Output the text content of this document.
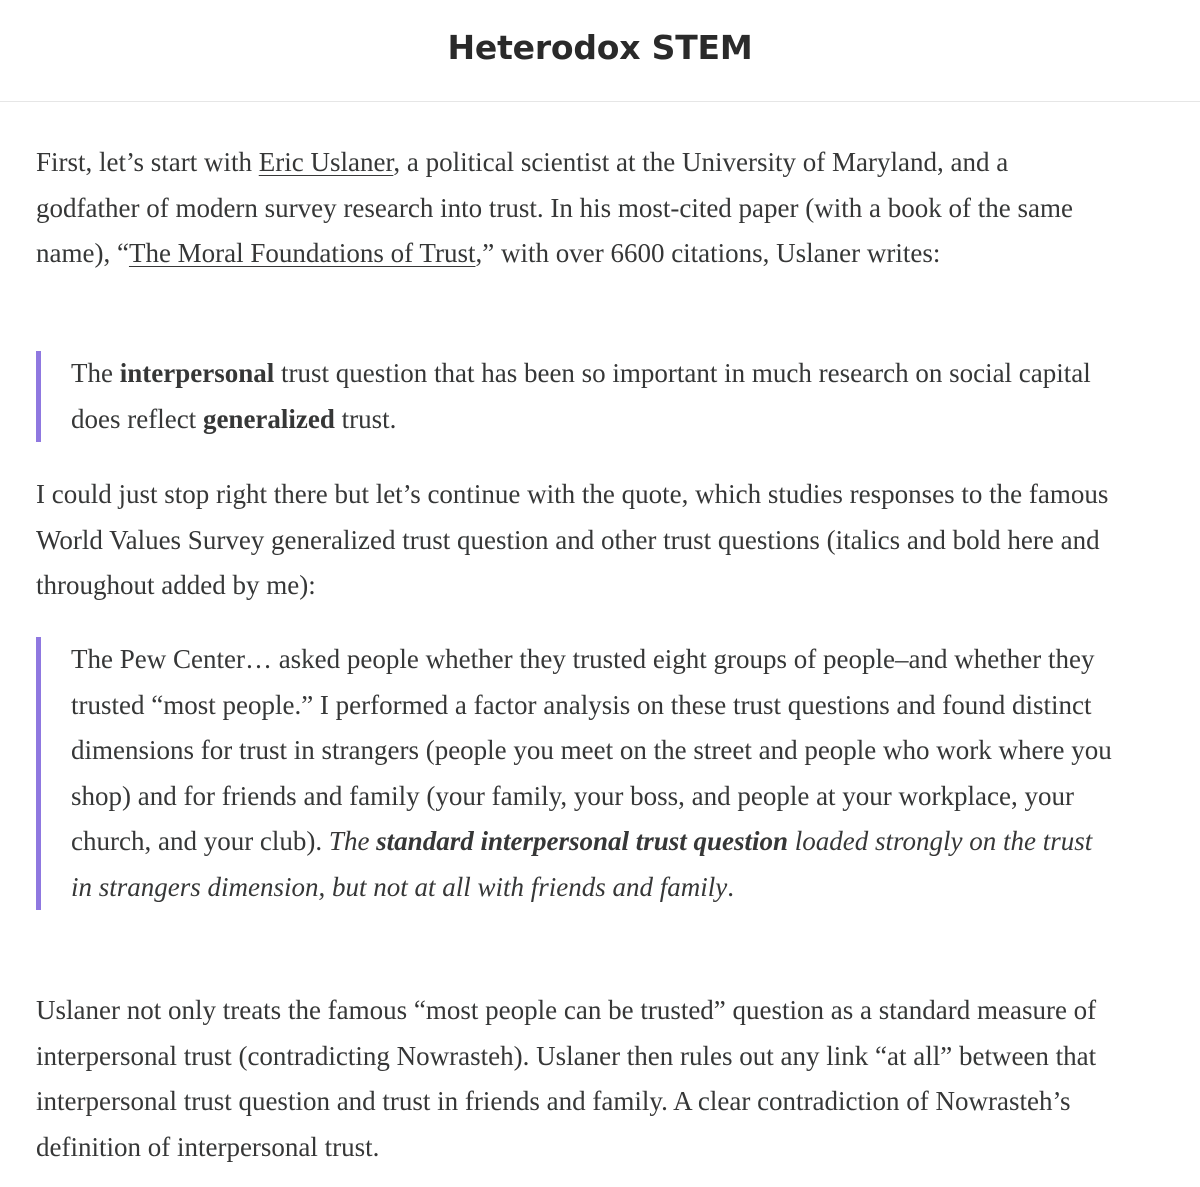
Heterodox STEM

First, let’s start with Eric Uslaner, a political scientist at the University of Maryland, and a godfather of modern survey research into trust. In his most-cited paper (with a book of the same name), “The Moral Foundations of Trust,” with over 6600 citations, Uslaner writes:

The interpersonal trust question that has been so important in much research on social capital does reflect generalized trust.

I could just stop right there but let’s continue with the quote, which studies responses to the famous World Values Survey generalized trust question and other trust questions (italics and bold here and throughout added by me):

The Pew Center… asked people whether they trusted eight groups of people–and whether they trusted “most people.” I performed a factor analysis on these trust questions and found distinct dimensions for trust in strangers (people you meet on the street and people who work where you shop) and for friends and family (your family, your boss, and people at your workplace, your church, and your club). The standard interpersonal trust question loaded strongly on the trust in strangers dimension, but not at all with friends and family.

Uslaner not only treats the famous “most people can be trusted” question as a standard measure of interpersonal trust (contradicting Nowrasteh). Uslaner then rules out any link “at all” between that interpersonal trust question and trust in friends and family. A clear contradiction of Nowrasteh’s definition of interpersonal trust.
